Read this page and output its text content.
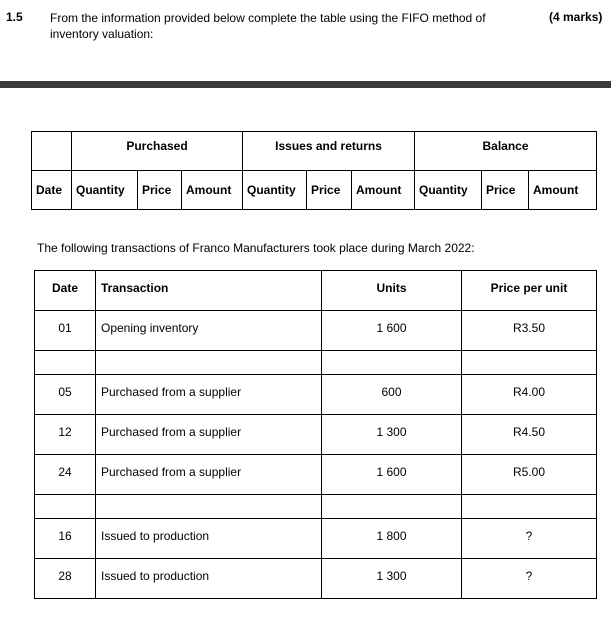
1.5 From the information provided below complete the table using the FIFO method of inventory valuation:
(4 marks)
	Purchased			Issues and returns			Balance		
Date	Quantity	Price	Amount	Quantity	Price	Amount	Quantity	Price	Amount
The following transactions of Franco Manufacturers took place during March 2022:
Date	Transaction	Units	Price per unit
01	Opening inventory	1 600	R3.50

05	Purchased from a supplier	600	R4.00
12	Purchased from a supplier	1 300	R4.50
24	Purchased from a supplier	1 600	R5.00

16	Issued to production	1 800	?
28	Issued to production	1 300	?
